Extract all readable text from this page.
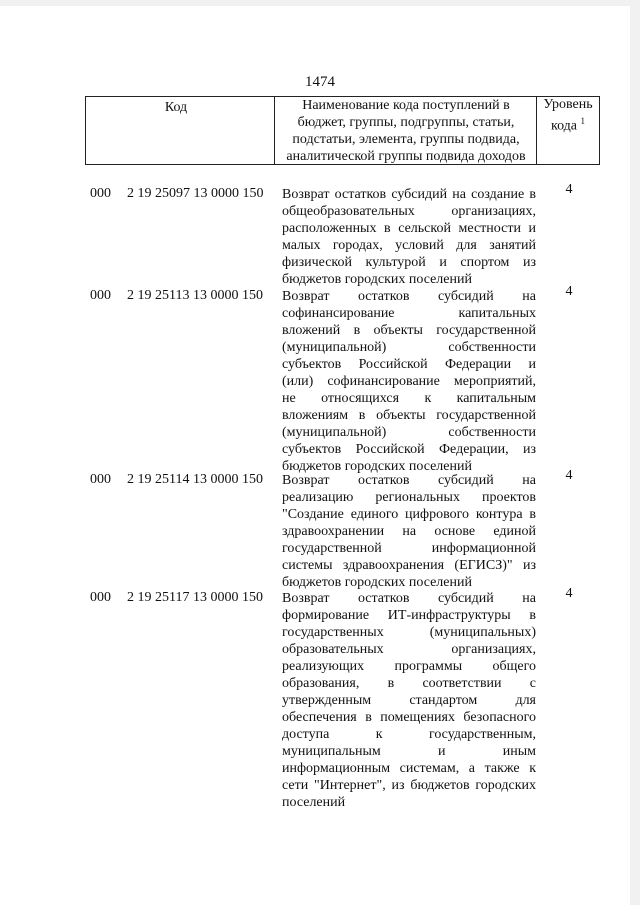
1474
Код	Наименование кода поступлений в
бюджет, группы, подгруппы, статьи,
подстатьи, элемента, группы подвида,
аналитической группы подвида доходов
Уровень
кода $^1$
000	2 19 25097 13 0000 150	Возврат остатков субсидий на создание в
общеобразовательных организациях,
расположенных в сельской местности и
малых городах, условий для занятий
физической культурой и спортом из
бюджетов городских поселений
4
000	2 19 25113 13 0000 150	Возврат остатков субсидий на
софинансирование капитальных
вложений в объекты государственной
(муниципальной) собственности
субъектов Российской Федерации и
(или) софинансирование мероприятий,
не относящихся к капитальным
вложениям в объекты государственной
(муниципальной) собственности
субъектов Российской Федерации, из
бюджетов городских поселений
4
000	2 19 25114 13 0000 150	Возврат остатков субсидий на
реализацию региональных проектов
"Создание единого цифрового контура в
здравоохранении на основе единой
государственной информационной
системы здравоохранения (ЕГИСЗ)" из
бюджетов городских поселений
4
000	2 19 25117 13 0000 150	Возврат остатков субсидий на
формирование ИТ-инфраструктуры в
государственных (муниципальных)
образовательных организациях,
реализующих программы общего
образования, в соответствии с
утвержденным стандартом для
обеспечения в помещениях безопасного
доступа к государственным,
муниципальным и иным
информационным системам, а также к
сети "Интернет", из бюджетов городских
поселений
4
